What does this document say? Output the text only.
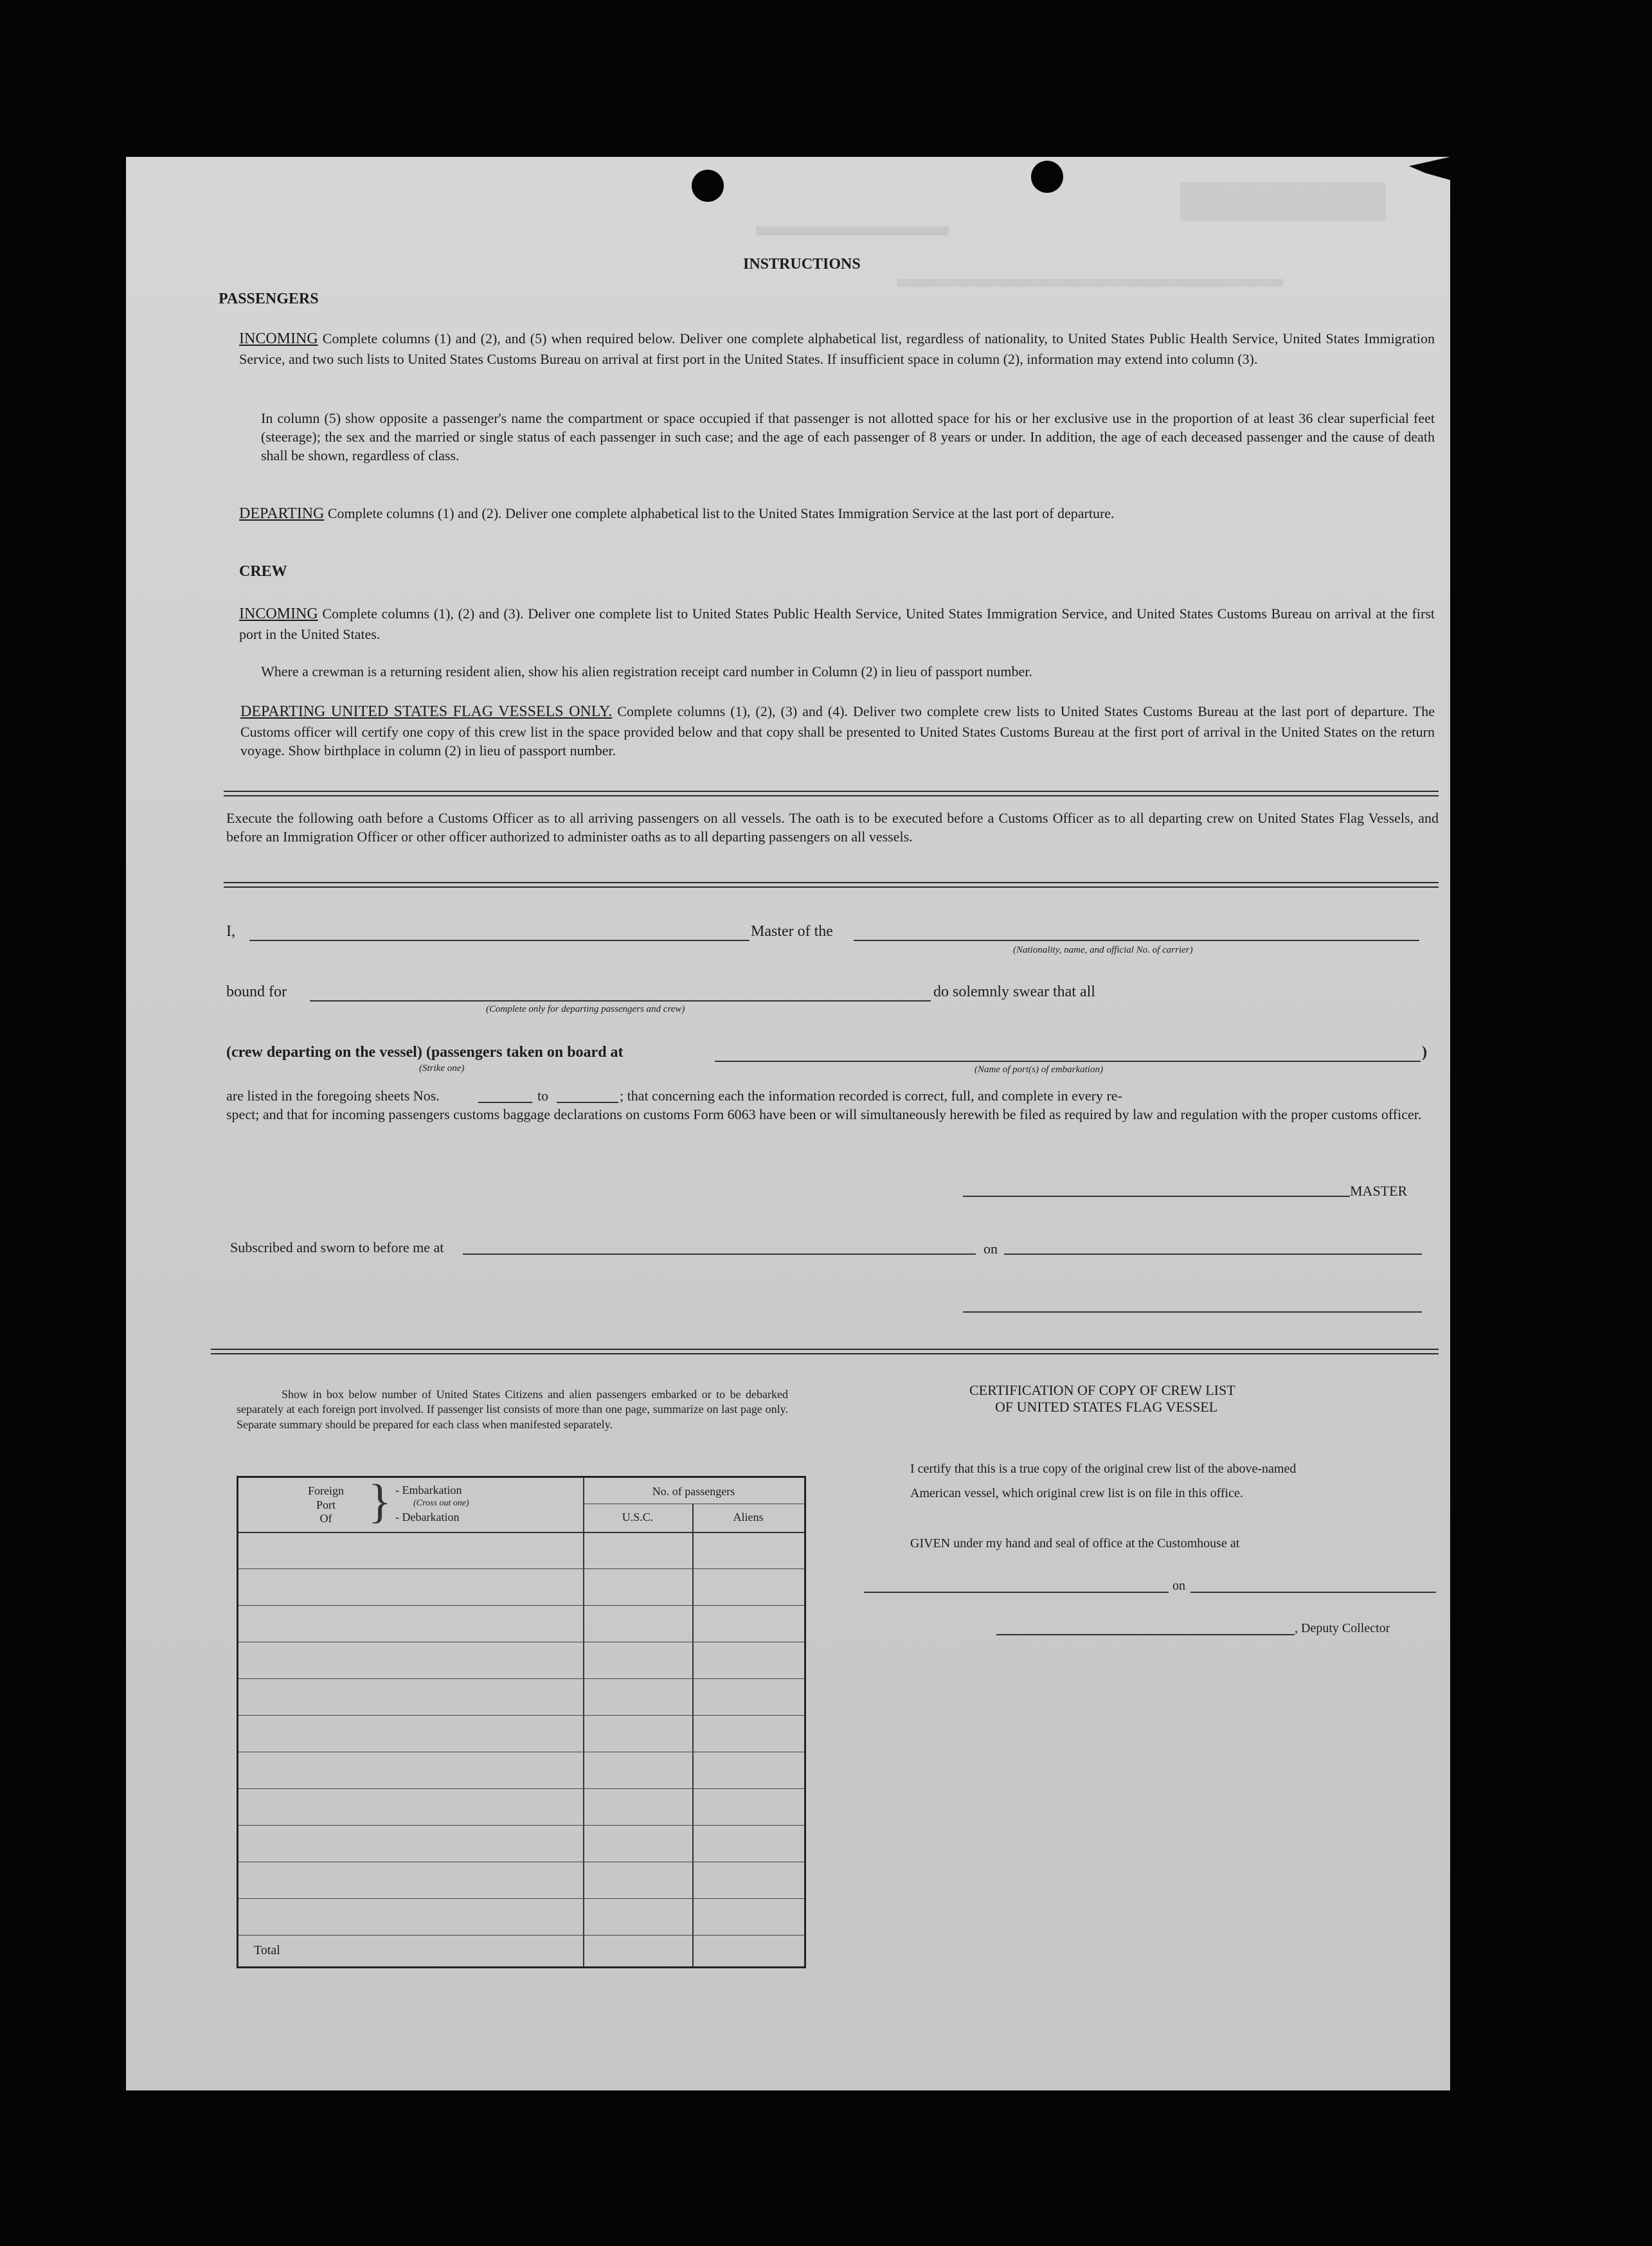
INSTRUCTIONS
PASSENGERS
INCOMING Complete columns (1) and (2), and (5) when required below. Deliver one complete alphabetical list, regardless of nationality, to United States Public Health Service, United States Immigration Service, and two such lists to United States Customs Bureau on arrival at first port in the United States. If insufficient space in column (2), information may extend into column (3).
In column (5) show opposite a passenger's name the compartment or space occupied if that passenger is not allotted space for his or her exclusive use in the proportion of at least 36 clear superficial feet (steerage); the sex and the married or single status of each passenger in such case; and the age of each passenger of 8 years or under. In addition, the age of each deceased passenger and the cause of death shall be shown, regardless of class.
DEPARTING Complete columns (1) and (2). Deliver one complete alphabetical list to the United States Immigration Service at the last port of departure.
CREW
INCOMING Complete columns (1), (2) and (3). Deliver one complete list to United States Public Health Service, United States Immigration Service, and United States Customs Bureau on arrival at the first port in the United States.
Where a crewman is a returning resident alien, show his alien registration receipt card number in Column (2) in lieu of passport number.
DEPARTING UNITED STATES FLAG VESSELS ONLY. Complete columns (1), (2), (3) and (4). Deliver two complete crew lists to United States Customs Bureau at the last port of departure. The Customs officer will certify one copy of this crew list in the space provided below and that copy shall be presented to United States Customs Bureau at the first port of arrival in the United States on the return voyage. Show birthplace in column (2) in lieu of passport number.
Execute the following oath before a Customs Officer as to all arriving passengers on all vessels. The oath is to be executed before a Customs Officer as to all departing crew on United States Flag Vessels, and before an Immigration Officer or other officer authorized to administer oaths as to all departing passengers on all vessels.
I,	Master of the
(Nationality, name, and official No. of carrier)
bound for
(Complete only for departing passengers and crew)
do solemnly swear that all
(crew departing on the vessel) (passengers taken on board at
(Strike one)
)
(Name of port(s) of embarkation)
are listed in the foregoing sheets Nos.	to	; that concerning each the information recorded is correct, full, and complete in every re-
spect; and that for incoming passengers customs baggage declarations on customs Form 6063 have been or will simultaneously herewith be filed as required by law and regulation with the proper customs officer.
MASTER
Subscribed and sworn to before me at	on
Show in box below number of United States Citizens and alien passengers embarked or to be debarked separately at each foreign port involved. If passenger list consists of more than one page, summarize on last page only. Separate summary should be prepared for each class when manifested separately.
Foreign
Port
Of } - Embarkation
(Cross out one)
- Debarkation
No. of passengers
U.S.C.	Aliens
Total
CERTIFICATION OF COPY OF CREW LIST
OF UNITED STATES FLAG VESSEL
I certify that this is a true copy of the original crew list of the above-named
American vessel, which original crew list is on file in this office.
GIVEN under my hand and seal of office at the Customhouse at
on
, Deputy Collector
